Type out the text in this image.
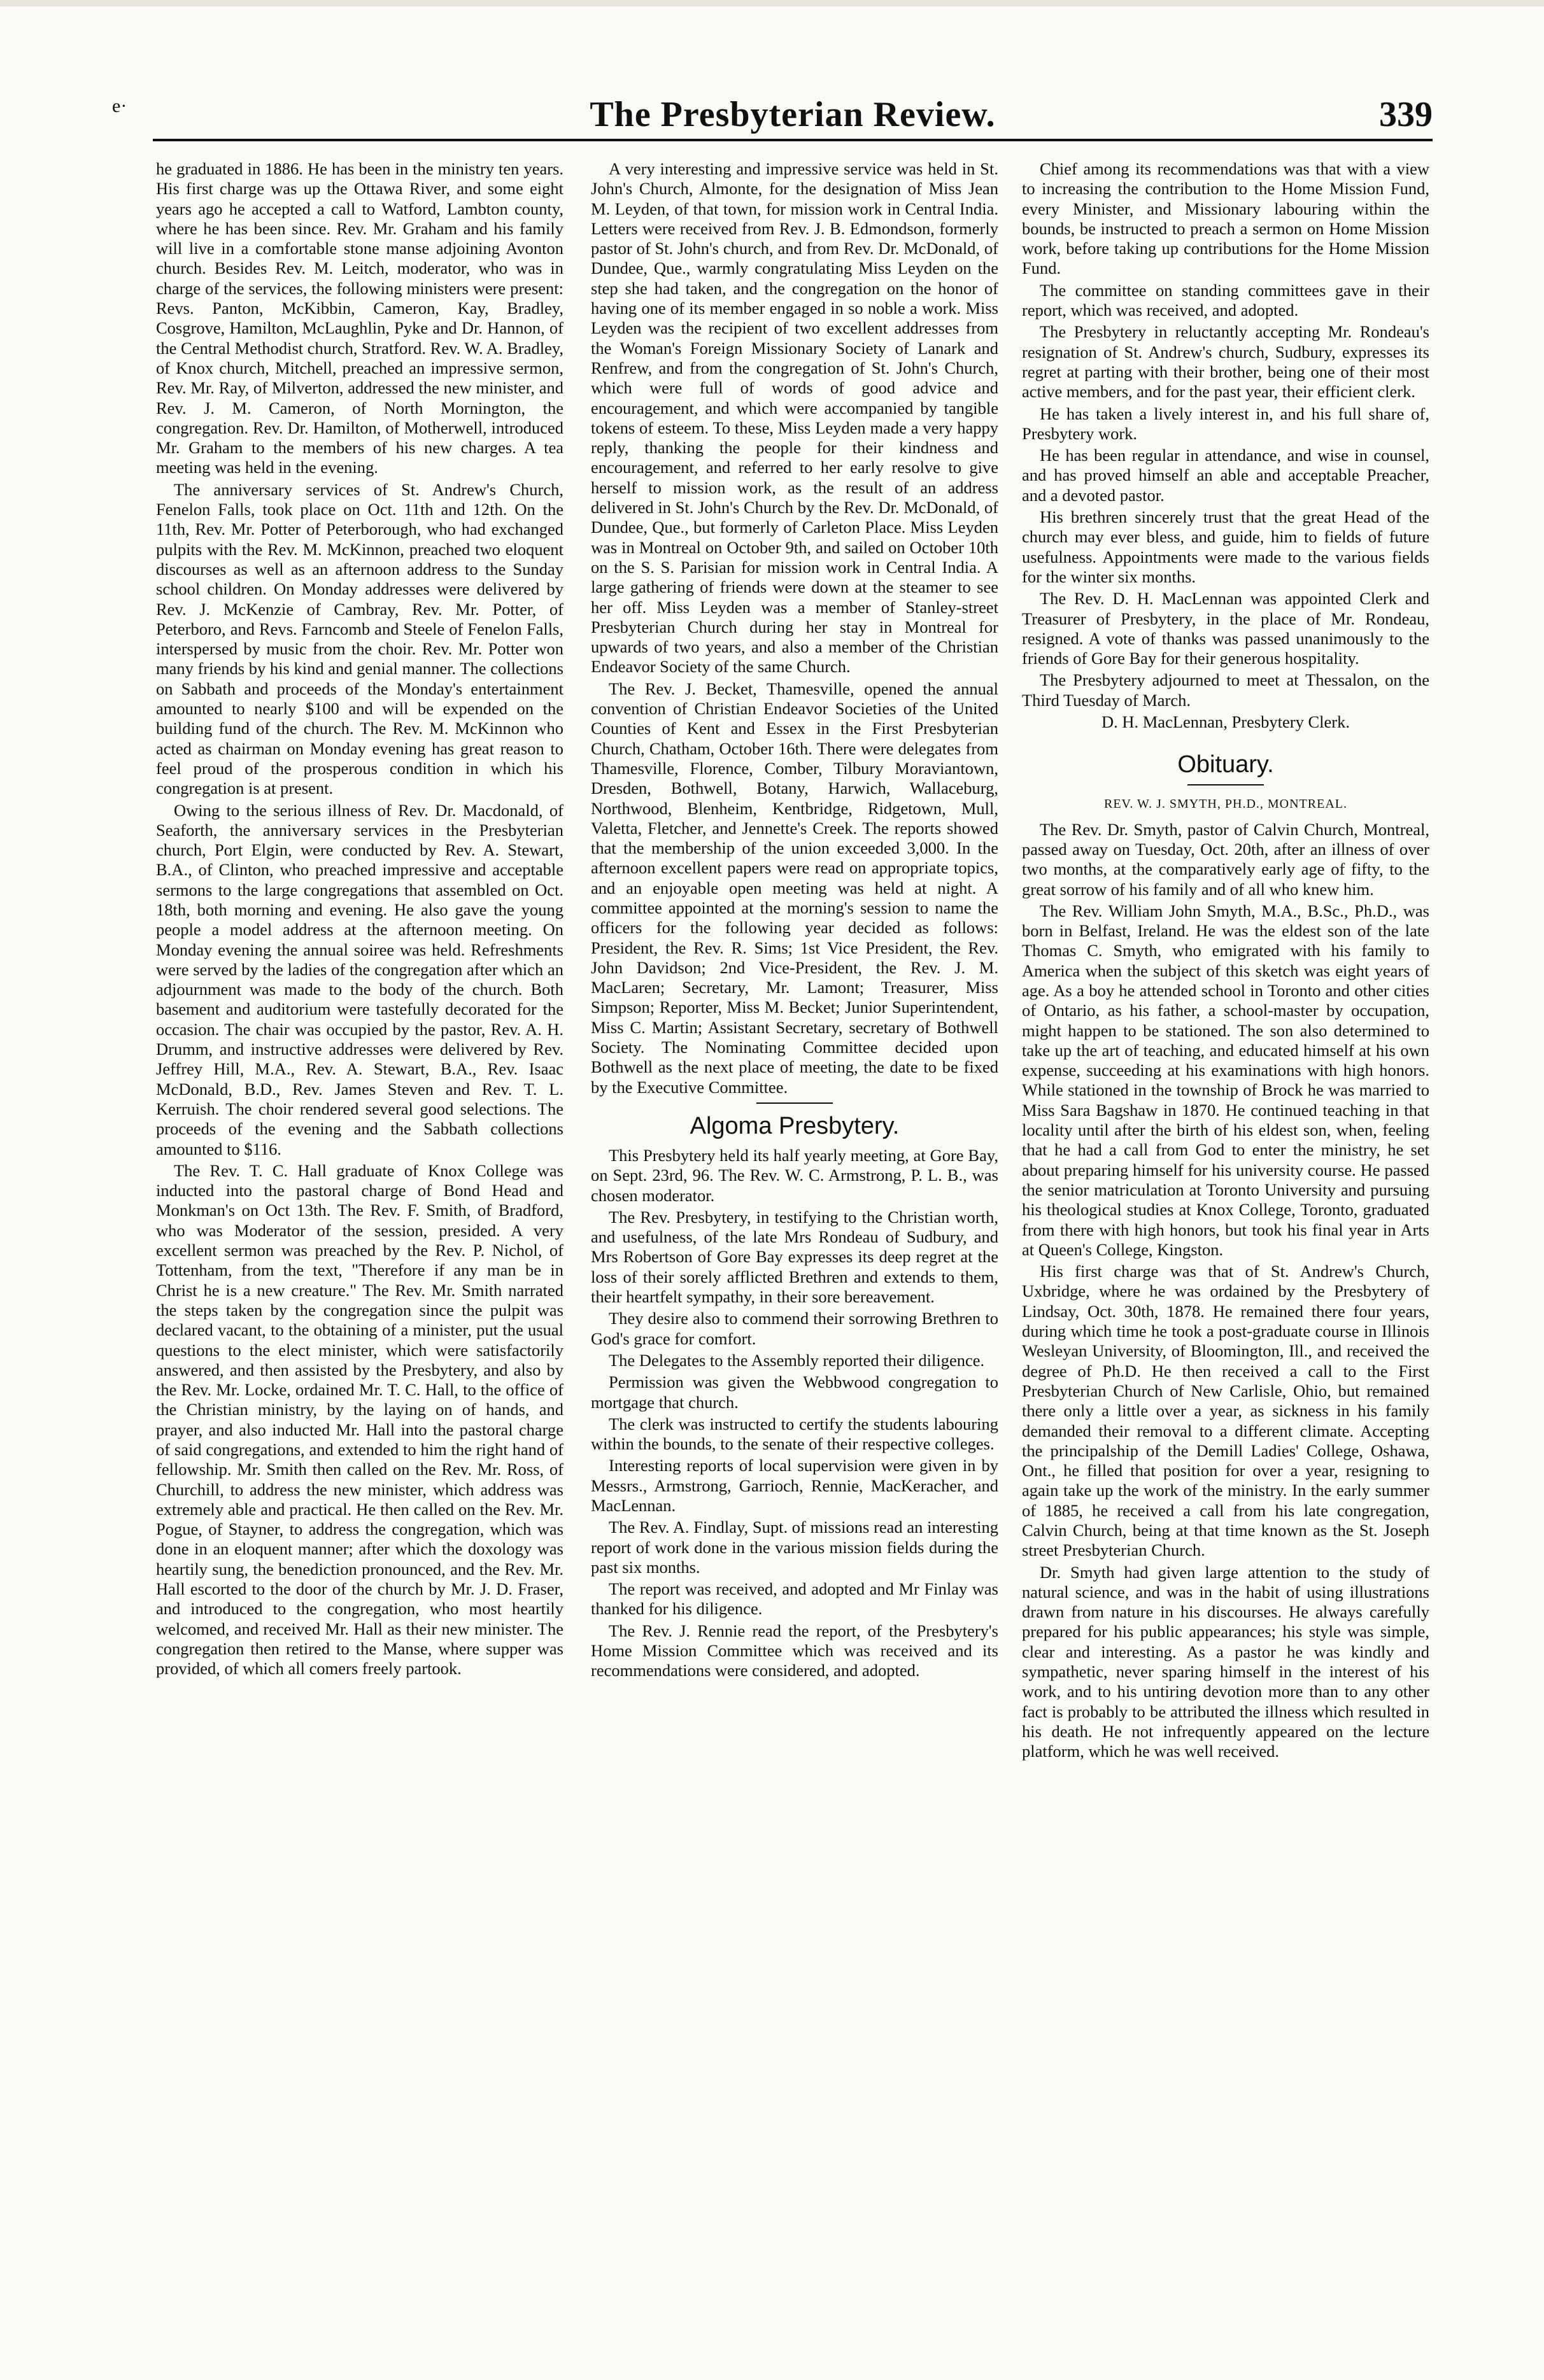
e·	The Presbyterian Review.	339

he graduated in 1886. He has been in the ministry ten years. His first charge was up the Ottawa River, and some eight years ago he accepted a call to Watford, Lambton county, where he has been since. Rev. Mr. Graham and his family will live in a comfortable stone manse adjoining Avonton church. Besides Rev. M. Leitch, moderator, who was in charge of the services, the following ministers were present: Revs. Panton, McKibbin, Cameron, Kay, Bradley, Cosgrove, Hamilton, McLaughlin, Pyke and Dr. Hannon, of the Central Methodist church, Stratford. Rev. W. A. Bradley, of Knox church, Mitchell, preached an impressive sermon, Rev. Mr. Ray, of Milverton, addressed the new minister, and Rev. J. M. Cameron, of North Mornington, the congregation. Rev. Dr. Hamilton, of Motherwell, introduced Mr. Graham to the members of his new charges. A tea meeting was held in the evening.

The anniversary services of St. Andrew's Church, Fenelon Falls, took place on Oct. 11th and 12th. On the 11th, Rev. Mr. Potter of Peterborough, who had exchanged pulpits with the Rev. M. McKinnon, preached two eloquent discourses as well as an afternoon address to the Sunday school children. On Monday addresses were delivered by Rev. J. McKenzie of Cambray, Rev. Mr. Potter, of Peterboro, and Revs. Farncomb and Steele of Fenelon Falls, interspersed by music from the choir. Rev. Mr. Potter won many friends by his kind and genial manner. The collections on Sabbath and proceeds of the Monday's entertainment amounted to nearly $100 and will be expended on the building fund of the church. The Rev. M. McKinnon who acted as chairman on Monday evening has great reason to feel proud of the prosperous condition in which his congregation is at present.

Owing to the serious illness of Rev. Dr. Macdonald, of Seaforth, the anniversary services in the Presbyterian church, Port Elgin, were conducted by Rev. A. Stewart, B.A., of Clinton, who preached impressive and acceptable sermons to the large congregations that assembled on Oct. 18th, both morning and evening. He also gave the young people a model address at the afternoon meeting. On Monday evening the annual soiree was held. Refreshments were served by the ladies of the congregation after which an adjournment was made to the body of the church. Both basement and auditorium were tastefully decorated for the occasion. The chair was occupied by the pastor, Rev. A. H. Drumm, and instructive addresses were delivered by Rev. Jeffrey Hill, M.A., Rev. A. Stewart, B.A., Rev. Isaac McDonald, B.D., Rev. James Steven and Rev. T. L. Kerruish. The choir rendered several good selections. The proceeds of the evening and the Sabbath collections amounted to $116.

The Rev. T. C. Hall graduate of Knox College was inducted into the pastoral charge of Bond Head and Monkman's on Oct 13th. The Rev. F. Smith, of Bradford, who was Moderator of the session, presided. A very excellent sermon was preached by the Rev. P. Nichol, of Tottenham, from the text, "Therefore if any man be in Christ he is a new creature." The Rev. Mr. Smith narrated the steps taken by the congregation since the pulpit was declared vacant, to the obtaining of a minister, put the usual questions to the elect minister, which were satisfactorily answered, and then assisted by the Presbytery, and also by the Rev. Mr. Locke, ordained Mr. T. C. Hall, to the office of the Christian ministry, by the laying on of hands, and prayer, and also inducted Mr. Hall into the pastoral charge of said congregations, and extended to him the right hand of fellowship. Mr. Smith then called on the Rev. Mr. Ross, of Churchill, to address the new minister, which address was extremely able and practical. He then called on the Rev. Mr. Pogue, of Stayner, to address the congregation, which was done in an eloquent manner; after which the doxology was heartily sung, the benediction pronounced, and the Rev. Mr. Hall escorted to the door of the church by Mr. J. D. Fraser, and introduced to the congregation, who most heartily welcomed, and received Mr. Hall as their new minister. The congregation then retired to the Manse, where supper was provided, of which all comers freely partook.

A very interesting and impressive service was held in St. John's Church, Almonte, for the designation of Miss Jean M. Leyden, of that town, for mission work in Central India. Letters were received from Rev. J. B. Edmondson, formerly pastor of St. John's church, and from Rev. Dr. McDonald, of Dundee, Que., warmly congratulating Miss Leyden on the step she had taken, and the congregation on the honor of having one of its member engaged in so noble a work. Miss Leyden was the recipient of two excellent addresses from the Woman's Foreign Missionary Society of Lanark and Renfrew, and from the congregation of St. John's Church, which were full of words of good advice and encouragement, and which were accompanied by tangible tokens of esteem. To these, Miss Leyden made a very happy reply, thanking the people for their kindness and encouragement, and referred to her early resolve to give herself to mission work, as the result of an address delivered in St. John's Church by the Rev. Dr. McDonald, of Dundee, Que., but formerly of Carleton Place. Miss Leyden was in Montreal on October 9th, and sailed on October 10th on the S. S. Parisian for mission work in Central India. A large gathering of friends were down at the steamer to see her off. Miss Leyden was a member of Stanley-street Presbyterian Church during her stay in Montreal for upwards of two years, and also a member of the Christian Endeavor Society of the same Church.

The Rev. J. Becket, Thamesville, opened the annual convention of Christian Endeavor Societies of the United Counties of Kent and Essex in the First Presbyterian Church, Chatham, October 16th. There were delegates from Thamesville, Florence, Comber, Tilbury Moraviantown, Dresden, Bothwell, Botany, Harwich, Wallaceburg, Northwood, Blenheim, Kentbridge, Ridgetown, Mull, Valetta, Fletcher, and Jennette's Creek. The reports showed that the membership of the union exceeded 3,000. In the afternoon excellent papers were read on appropriate topics, and an enjoyable open meeting was held at night. A committee appointed at the morning's session to name the officers for the following year decided as follows: President, the Rev. R. Sims; 1st Vice President, the Rev. John Davidson; 2nd Vice-President, the Rev. J. M. MacLaren; Secretary, Mr. Lamont; Treasurer, Miss Simpson; Reporter, Miss M. Becket; Junior Superintendent, Miss C. Martin; Assistant Secretary, secretary of Bothwell Society. The Nominating Committee decided upon Bothwell as the next place of meeting, the date to be fixed by the Executive Committee.

Algoma Presbytery.

This Presbytery held its half yearly meeting, at Gore Bay, on Sept. 23rd, 96. The Rev. W. C. Armstrong, P. L. B., was chosen moderator.

The Rev. Presbytery, in testifying to the Christian worth, and usefulness, of the late Mrs Rondeau of Sudbury, and Mrs Robertson of Gore Bay expresses its deep regret at the loss of their sorely afflicted Brethren and extends to them, their heartfelt sympathy, in their sore bereavement.

They desire also to commend their sorrowing Brethren to God's grace for comfort.

The Delegates to the Assembly reported their diligence.

Permission was given the Webbwood congregation to mortgage that church.

The clerk was instructed to certify the students labouring within the bounds, to the senate of their respective colleges.

Interesting reports of local supervision were given in by Messrs., Armstrong, Garrioch, Rennie, MacKeracher, and MacLennan.

The Rev. A. Findlay, Supt. of missions read an interesting report of work done in the various mission fields during the past six months.

The report was received, and adopted and Mr Finlay was thanked for his diligence.

The Rev. J. Rennie read the report, of the Presbytery's Home Mission Committee which was received and its recommendations were considered, and adopted.

Chief among its recommendations was that with a view to increasing the contribution to the Home Mission Fund, every Minister, and Missionary labouring within the bounds, be instructed to preach a sermon on Home Mission work, before taking up contributions for the Home Mission Fund.

The committee on standing committees gave in their report, which was received, and adopted.

The Presbytery in reluctantly accepting Mr. Rondeau's resignation of St. Andrew's church, Sudbury, expresses its regret at parting with their brother, being one of their most active members, and for the past year, their efficient clerk.

He has taken a lively interest in, and his full share of, Presbytery work.

He has been regular in attendance, and wise in counsel, and has proved himself an able and acceptable Preacher, and a devoted pastor.

His brethren sincerely trust that the great Head of the church may ever bless, and guide, him to fields of future usefulness. Appointments were made to the various fields for the winter six months.

The Rev. D. H. MacLennan was appointed Clerk and Treasurer of Presbytery, in the place of Mr. Rondeau, resigned. A vote of thanks was passed unanimously to the friends of Gore Bay for their generous hospitality.

The Presbytery adjourned to meet at Thessalon, on the Third Tuesday of March.

D. H. MacLennan, Presbytery Clerk.
Obituary.
REV. W. J. SMYTH, PH.D., MONTREAL.

The Rev. Dr. Smyth, pastor of Calvin Church, Montreal, passed away on Tuesday, Oct. 20th, after an illness of over two months, at the comparatively early age of fifty, to the great sorrow of his family and of all who knew him.

The Rev. William John Smyth, M.A., B.Sc., Ph.D., was born in Belfast, Ireland. He was the eldest son of the late Thomas C. Smyth, who emigrated with his family to America when the subject of this sketch was eight years of age. As a boy he attended school in Toronto and other cities of Ontario, as his father, a school-master by occupation, might happen to be stationed. The son also determined to take up the art of teaching, and educated himself at his own expense, succeeding at his examinations with high honors. While stationed in the township of Brock he was married to Miss Sara Bagshaw in 1870. He continued teaching in that locality until after the birth of his eldest son, when, feeling that he had a call from God to enter the ministry, he set about preparing himself for his university course. He passed the senior matriculation at Toronto University and pursuing his theological studies at Knox College, Toronto, graduated from there with high honors, but took his final year in Arts at Queen's College, Kingston.

His first charge was that of St. Andrew's Church, Uxbridge, where he was ordained by the Presbytery of Lindsay, Oct. 30th, 1878. He remained there four years, during which time he took a post-graduate course in Illinois Wesleyan University, of Bloomington, Ill., and received the degree of Ph.D. He then received a call to the First Presbyterian Church of New Carlisle, Ohio, but remained there only a little over a year, as sickness in his family demanded their removal to a different climate. Accepting the principalship of the Demill Ladies' College, Oshawa, Ont., he filled that position for over a year, resigning to again take up the work of the ministry. In the early summer of 1885, he received a call from his late congregation, Calvin Church, being at that time known as the St. Joseph street Presbyterian Church.

Dr. Smyth had given large attention to the study of natural science, and was in the habit of using illustrations drawn from nature in his discourses. He always carefully prepared for his public appearances; his style was simple, clear and interesting. As a pastor he was kindly and sympathetic, never sparing himself in the interest of his work, and to his untiring devotion more than to any other fact is probably to be attributed the illness which resulted in his death. He not infrequently appeared on the lecture platform, which he was well received.
